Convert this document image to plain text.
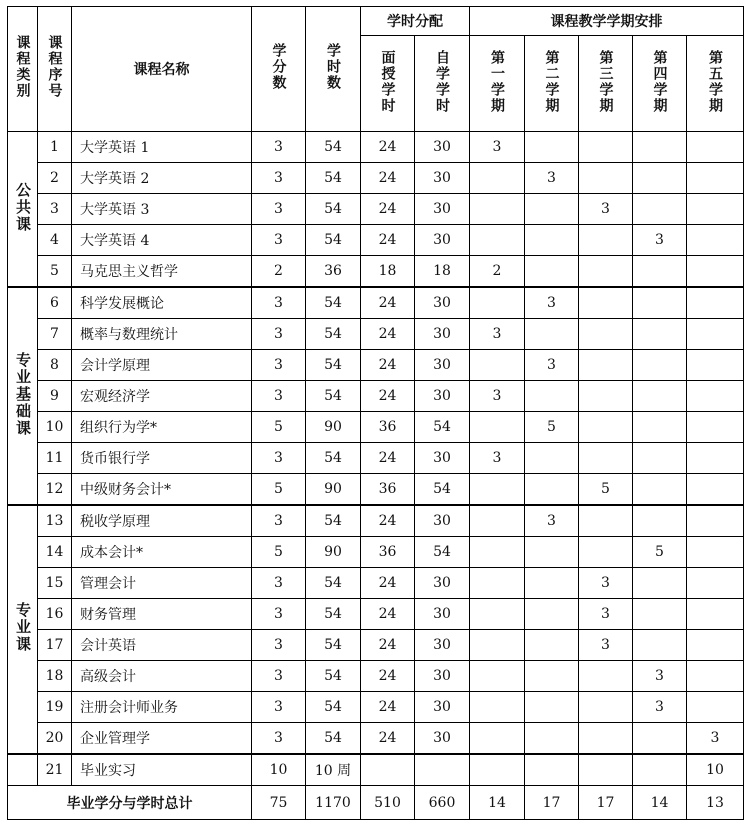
课程类别	课程序号	课程名称	学分数	学时数	学时分配		课程教学学期安排				
					面授学时	自学学时	第一学期	第二学期	第三学期	第四学期	第五学期
公共课	1	大学英语 1	3	54	24	30	3				
	2	大学英语 2	3	54	24	30		3			
	3	大学英语 3	3	54	24	30			3		
	4	大学英语 4	3	54	24	30				3	
	5	马克思主义哲学	2	36	18	18	2				
专业基础课	6	科学发展概论	3	54	24	30		3			
	7	概率与数理统计	3	54	24	30	3				
	8	会计学原理	3	54	24	30		3			
	9	宏观经济学	3	54	24	30	3				
	10	组织行为学*	5	90	36	54		5			
	11	货币银行学	3	54	24	30	3				
	12	中级财务会计*	5	90	36	54			5		
专业课	13	税收学原理	3	54	24	30		3			
	14	成本会计*	5	90	36	54				5	
	15	管理会计	3	54	24	30			3		
	16	财务管理	3	54	24	30			3		
	17	会计英语	3	54	24	30			3		
	18	高级会计	3	54	24	30				3	
	19	注册会计师业务	3	54	24	30				3	
	20	企业管理学	3	54	24	30					3
	21	毕业实习	10	10 周							10
毕业学分与学时总计			75	1170	510	660	14	17	17	14	13
